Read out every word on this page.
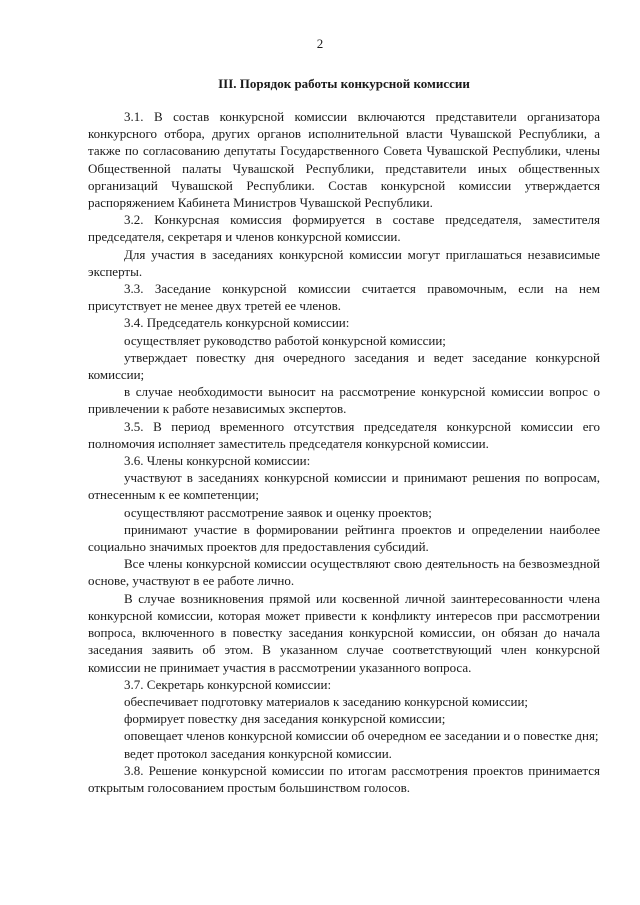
2
III. Порядок работы конкурсной комиссии

3.1. В состав конкурсной комиссии включаются представители организатора конкурсного отбора, других органов исполнительной власти Чувашской Республики, а также по согласованию депутаты Государственного Совета Чувашской Республики, члены Общественной палаты Чувашской Республики, представители иных общественных организаций Чувашской Республики. Состав конкурсной комиссии утверждается распоряжением Кабинета Министров Чувашской Республики.

3.2. Конкурсная комиссия формируется в составе председателя, заместителя председателя, секретаря и членов конкурсной комиссии.

Для участия в заседаниях конкурсной комиссии могут приглашаться независимые эксперты.

3.3. Заседание конкурсной комиссии считается правомочным, если на нем присутствует не менее двух третей ее членов.

3.4. Председатель конкурсной комиссии:

осуществляет руководство работой конкурсной комиссии;

утверждает повестку дня очередного заседания и ведет заседание конкурсной комиссии;

в случае необходимости выносит на рассмотрение конкурсной комиссии вопрос о привлечении к работе независимых экспертов.

3.5. В период временного отсутствия председателя конкурсной комиссии его полномочия исполняет заместитель председателя конкурсной комиссии.

3.6. Члены конкурсной комиссии:

участвуют в заседаниях конкурсной комиссии и принимают решения по вопросам, отнесенным к ее компетенции;

осуществляют рассмотрение заявок и оценку проектов;

принимают участие в формировании рейтинга проектов и определении наиболее социально значимых проектов для предоставления субсидий.

Все члены конкурсной комиссии осуществляют свою деятельность на безвозмездной основе, участвуют в ее работе лично.

В случае возникновения прямой или косвенной личной заинтересованности члена конкурсной комиссии, которая может привести к конфликту интересов при рассмотрении вопроса, включенного в повестку заседания конкурсной комиссии, он обязан до начала заседания заявить об этом. В указанном случае соответствующий член конкурсной комиссии не принимает участия в рассмотрении указанного вопроса.

3.7. Секретарь конкурсной комиссии:

обеспечивает подготовку материалов к заседанию конкурсной комиссии;

формирует повестку дня заседания конкурсной комиссии;

оповещает членов конкурсной комиссии об очередном ее заседании и о повестке дня;

ведет протокол заседания конкурсной комиссии.

3.8. Решение конкурсной комиссии по итогам рассмотрения проектов принимается открытым голосованием простым большинством голосов.
